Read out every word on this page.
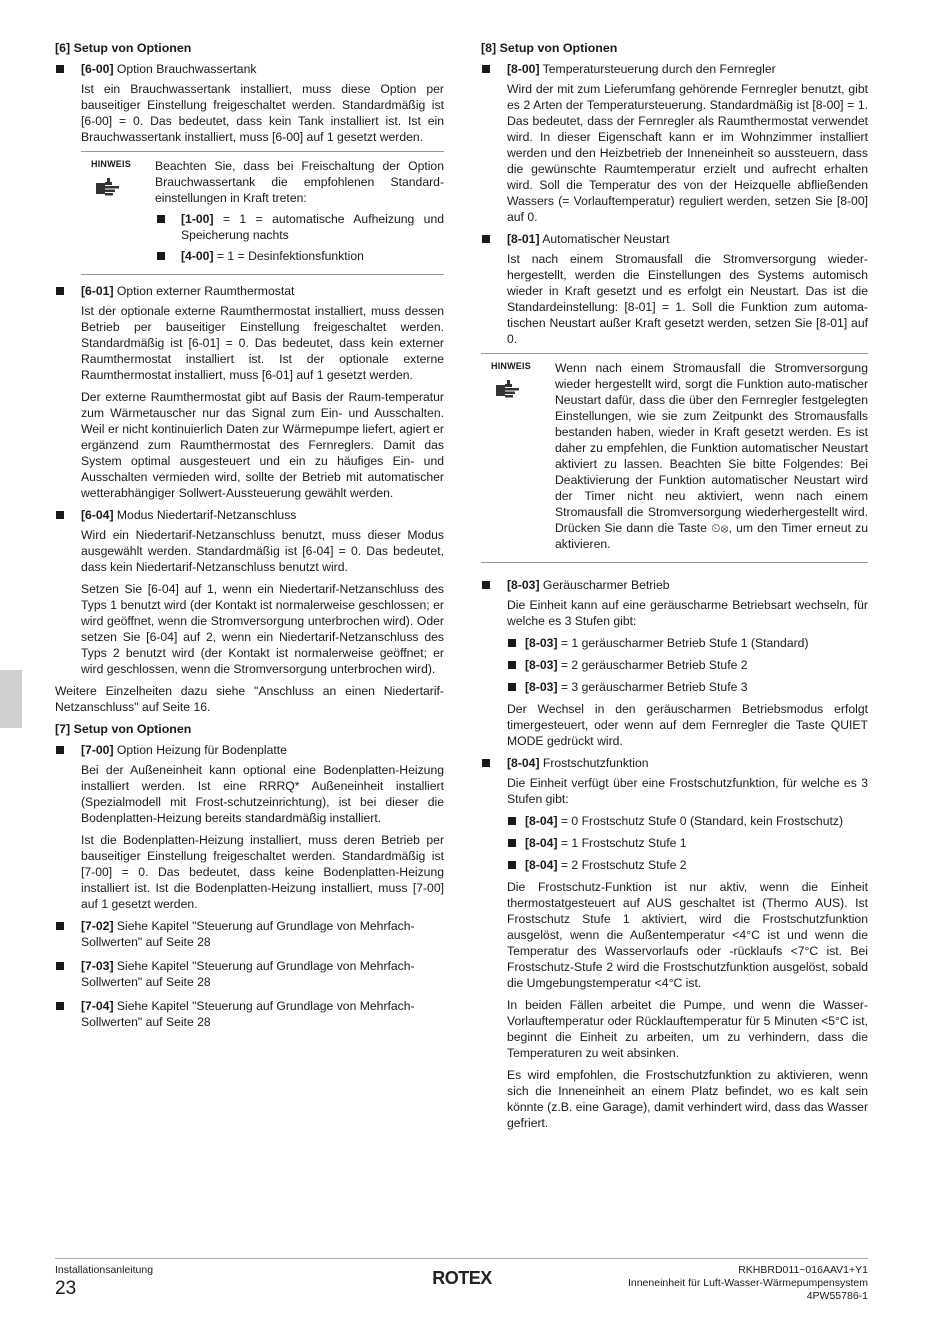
[6] Setup von Optionen
[6-00] Option Brauchwassertank

Ist ein Brauchwassertank installiert, muss diese Option per bauseitiger Einstellung freigeschaltet werden. Standardmäßig ist [6-00] = 0. Das bedeutet, dass kein Tank installiert ist. Ist ein Brauchwassertank installiert, muss [6-00] auf 1 gesetzt werden.

HINWEIS	Beachten Sie, dass bei Freischaltung der Option Brauchwassertank die empfohlenen Standard-einstellungen in Kraft treten:

[1-00] = 1 = automatische Aufheizung und Speicherung nachts
[4-00] = 1 = Desinfektionsfunktion
[6-01] Option externer Raumthermostat

Ist der optionale externe Raumthermostat installiert, muss dessen Betrieb per bauseitiger Einstellung freigeschaltet werden. Standardmäßig ist [6-01] = 0. Das bedeutet, dass kein externer Raumthermostat installiert ist. Ist der optionale externe Raumthermostat installiert, muss [6-01] auf 1 gesetzt werden.

Der externe Raumthermostat gibt auf Basis der Raum-temperatur zum Wärmetauscher nur das Signal zum Ein- und Ausschalten. Weil er nicht kontinuierlich Daten zur Wärmepumpe liefert, agiert er ergänzend zum Raumthermostat des Fernreglers. Damit das System optimal ausgesteuert und ein zu häufiges Ein- und Ausschalten vermieden wird, sollte der Betrieb mit automatischer wetterabhängiger Sollwert-Aussteuerung gewählt werden.

[6-04] Modus Niedertarif-Netzanschluss

Wird ein Niedertarif-Netzanschluss benutzt, muss dieser Modus ausgewählt werden. Standardmäßig ist [6-04] = 0. Das bedeutet, dass kein Niedertarif-Netzanschluss benutzt wird.

Setzen Sie [6-04] auf 1, wenn ein Niedertarif-Netzanschluss des Typs 1 benutzt wird (der Kontakt ist normalerweise geschlossen; er wird geöffnet, wenn die Stromversorgung unterbrochen wird). Oder setzen Sie [6-04] auf 2, wenn ein Niedertarif-Netzanschluss des Typs 2 benutzt wird (der Kontakt ist normalerweise geöffnet; er wird geschlossen, wenn die Stromversorgung unterbrochen wird).

Weitere Einzelheiten dazu siehe "Anschluss an einen Niedertarif-Netzanschluss" auf Seite 16.

[7] Setup von Optionen
[7-00] Option Heizung für Bodenplatte

Bei der Außeneinheit kann optional eine Bodenplatten-Heizung installiert werden. Ist eine RRRQ* Außeneinheit installiert (Spezialmodell mit Frost-schutzeinrichtung), ist bei dieser die Bodenplatten-Heizung bereits standardmäßig installiert.

Ist die Bodenplatten-Heizung installiert, muss deren Betrieb per bauseitiger Einstellung freigeschaltet werden. Standardmäßig ist [7-00] = 0. Das bedeutet, dass keine Bodenplatten-Heizung installiert ist. Ist die Bodenplatten-Heizung installiert, muss [7-00] auf 1 gesetzt werden.

[7-02] Siehe Kapitel "Steuerung auf Grundlage von Mehrfach-Sollwerten" auf Seite 28
[7-03] Siehe Kapitel "Steuerung auf Grundlage von Mehrfach-Sollwerten" auf Seite 28
[7-04] Siehe Kapitel "Steuerung auf Grundlage von Mehrfach-Sollwerten" auf Seite 28
[8] Setup von Optionen
[8-00] Temperatursteuerung durch den Fernregler

Wird der mit zum Lieferumfang gehörende Fernregler benutzt, gibt es 2 Arten der Temperatursteuerung. Standardmäßig ist [8-00] = 1. Das bedeutet, dass der Fernregler als Raumthermostat verwendet wird. In dieser Eigenschaft kann er im Wohnzimmer installiert werden und den Heizbetrieb der Inneneinheit so aussteuern, dass die gewünschte Raumtemperatur erzielt und aufrecht erhalten wird. Soll die Temperatur des von der Heizquelle abfließenden Wassers (= Vorlauftemperatur) reguliert werden, setzen Sie [8-00] auf 0.

[8-01] Automatischer Neustart

Ist nach einem Stromausfall die Stromversorgung wieder-hergestellt, werden die Einstellungen des Systems automisch wieder in Kraft gesetzt und es erfolgt ein Neustart. Das ist die Standardeinstellung: [8-01] = 1. Soll die Funktion zum automa-tischen Neustart außer Kraft gesetzt werden, setzen Sie [8-01] auf 0.

HINWEIS	Wenn nach einem Stromausfall die Stromversorgung wieder hergestellt wird, sorgt die Funktion auto-matischer Neustart dafür, dass die über den Fernregler festgelegten Einstellungen, wie sie zum Zeitpunkt des Stromausfalls bestanden haben, wieder in Kraft gesetzt werden. Es ist daher zu empfehlen, die Funktion automatischer Neustart aktiviert zu lassen. Beachten Sie bitte Folgendes: Bei Deaktivierung der Funktion automatischer Neustart wird der Timer nicht neu aktiviert, wenn nach einem Stromausfall die Stromversorgung wiederhergestellt wird. Drücken Sie dann die Taste ⏲⊗, um den Timer erneut zu aktivieren.

[8-03] Geräuscharmer Betrieb

Die Einheit kann auf eine geräuscharme Betriebsart wechseln, für welche es 3 Stufen gibt:

[8-03] = 1 geräuscharmer Betrieb Stufe 1 (Standard)
[8-03] = 2 geräuscharmer Betrieb Stufe 2
[8-03] = 3 geräuscharmer Betrieb Stufe 3

Der Wechsel in den geräuscharmen Betriebsmodus erfolgt timergesteuert, oder wenn auf dem Fernregler die Taste QUIET MODE gedrückt wird.

[8-04] Frostschutzfunktion

Die Einheit verfügt über eine Frostschutzfunktion, für welche es 3 Stufen gibt:

[8-04] = 0 Frostschutz Stufe 0 (Standard, kein Frostschutz)
[8-04] = 1 Frostschutz Stufe 1
[8-04] = 2 Frostschutz Stufe 2

Die Frostschutz-Funktion ist nur aktiv, wenn die Einheit thermostatgesteuert auf AUS geschaltet ist (Thermo AUS). Ist Frostschutz Stufe 1 aktiviert, wird die Frostschutzfunktion ausgelöst, wenn die Außentemperatur <4°C ist und wenn die Temperatur des Wasservorlaufs oder -rücklaufs <7°C ist. Bei Frostschutz-Stufe 2 wird die Frostschutzfunktion ausgelöst, sobald die Umgebungstemperatur <4°C ist.

In beiden Fällen arbeitet die Pumpe, und wenn die Wasser-Vorlauftemperatur oder Rücklauftemperatur für 5 Minuten <5°C ist, beginnt die Einheit zu arbeiten, um zu verhindern, dass die Temperaturen zu weit absinken.

Es wird empfohlen, die Frostschutzfunktion zu aktivieren, wenn sich die Inneneinheit an einem Platz befindet, wo es kalt sein könnte (z.B. eine Garage), damit verhindert wird, dass das Wasser gefriert.

Installationsanleitung
23	ROTEX	RKHBRD011~016AAV1+Y1
Inneneinheit für Luft-Wasser-Wärmepumpensystem
4PW55786-1
